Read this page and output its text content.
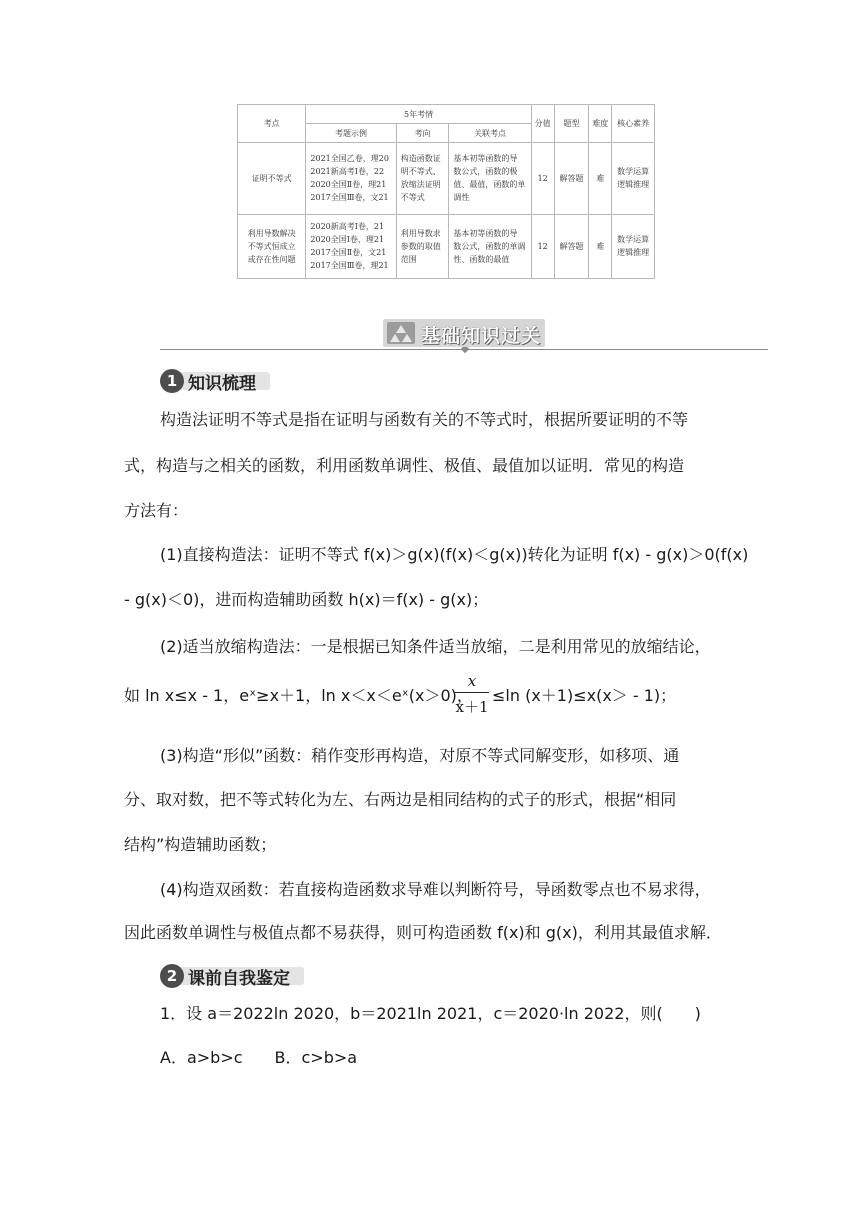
考点	5年考情			分值	题型	难度	核心素养
	考题示例	考向	关联考点				
证明不等式	2021全国乙卷，理20
2021新高考Ⅰ卷，22
2020全国Ⅱ卷，理21
2017全国Ⅲ卷，文21	构造函数证
明不等式、
放缩法证明
不等式	基本初等函数的导
数公式，函数的极
值、最值，函数的单
调性	12	解答题	难	数学运算
逻辑推理
利用导数解决
不等式恒成立
或存在性问题	2020新高考Ⅰ卷，21
2020全国Ⅰ卷，理21
2017全国Ⅱ卷，文21
2017全国Ⅲ卷，理21	利用导数求
参数的取值
范围	基本初等函数的导
数公式，函数的单调
性、函数的最值	12	解答题	难	数学运算
逻辑推理
基础知识过关
1 知识梳理
构造法证明不等式是指在证明与函数有关的不等式时，根据所要证明的不等
式，构造与之相关的函数，利用函数单调性、极值、最值加以证明．常见的构造
方法有：
(1)直接构造法：证明不等式 f(x)＞g(x)(f(x)＜g(x))转化为证明 f(x) - g(x)＞0(f(x)
- g(x)＜0)，进而构造辅助函数 h(x)＝f(x) - g(x)；
(2)适当放缩构造法：一是根据已知条件适当放缩，二是利用常见的放缩结论，
如 ln x≤x - 1，eˣ≥x＋1，ln x＜x＜eˣ(x＞0)，
x
x＋1
≤ln (x＋1)≤x(x＞ - 1)；
(3)构造“形似”函数：稍作变形再构造，对原不等式同解变形，如移项、通
分、取对数，把不等式转化为左、右两边是相同结构的式子的形式，根据“相同
结构”构造辅助函数；
(4)构造双函数：若直接构造函数求导难以判断符号，导函数零点也不易求得，
因此函数单调性与极值点都不易获得，则可构造函数 f(x)和 g(x)，利用其最值求解．
2 课前自我鉴定
1．设 a＝2022ln 2020，b＝2021ln 2021，c＝2020·ln 2022，则(　　)
A．a>b>c　　B．c>b>a
